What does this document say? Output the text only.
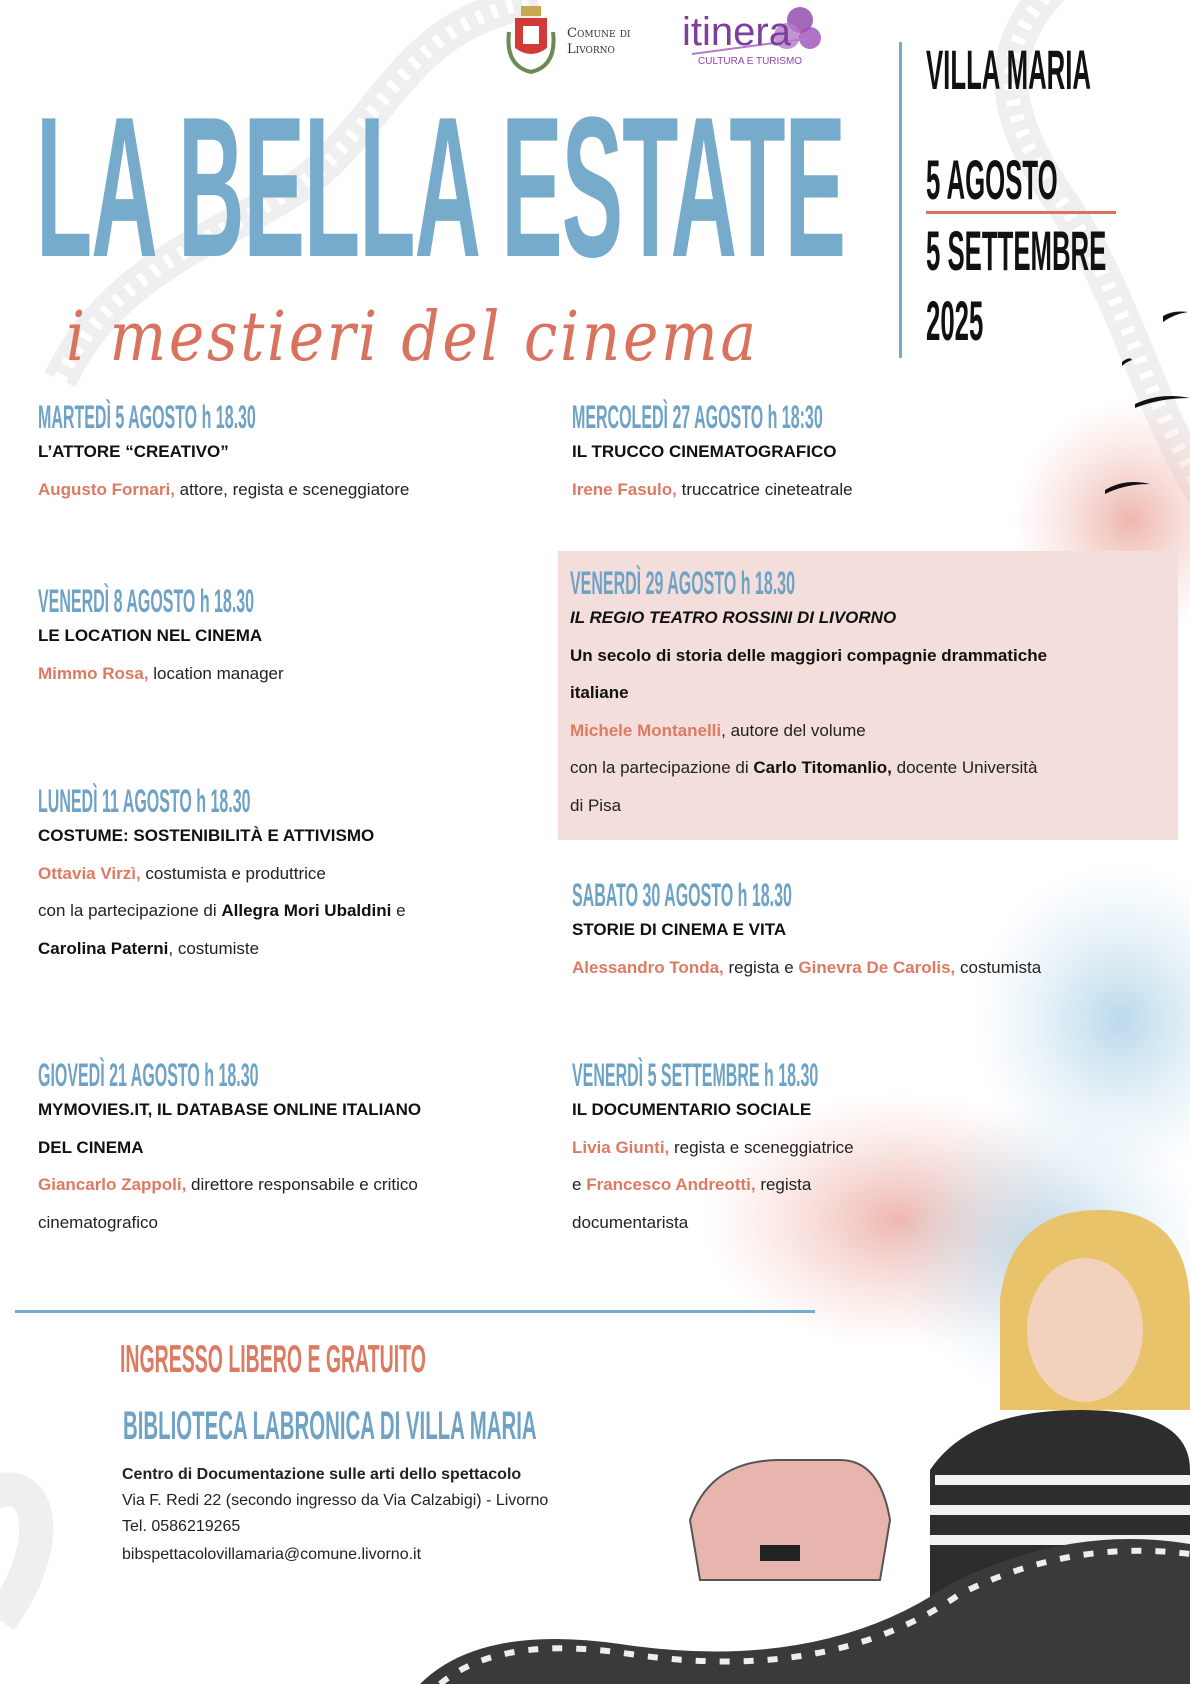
Comune di Livorno	itinera
CULTURA E TURISMO
LA BELLA ESTATE
i mestieri del cinema
VILLA MARIA
5 AGOSTO
5 SETTEMBRE
2025
MARTEDÌ 5 AGOSTO h 18.30
L’ATTORE “CREATIVO”
Augusto Fornari, attore, regista e sceneggiatore
VENERDÌ 8 AGOSTO h 18.30
LE LOCATION NEL CINEMA
Mimmo Rosa, location manager
LUNEDÌ 11 AGOSTO h 18.30
COSTUME: SOSTENIBILITÀ E ATTIVISMO
Ottavia Virzì, costumista e produttrice
con la partecipazione di Allegra Mori Ubaldini e
Carolina Paterni, costumiste
GIOVEDÌ 21 AGOSTO h 18.30
MYMOVIES.IT, IL DATABASE ONLINE ITALIANO
DEL CINEMA
Giancarlo Zappoli, direttore responsabile e critico
cinematografico
MERCOLEDÌ 27 AGOSTO h 18:30
IL TRUCCO CINEMATOGRAFICO
Irene Fasulo, truccatrice cineteatrale
VENERDÌ 29 AGOSTO h 18.30
IL REGIO TEATRO ROSSINI DI LIVORNO
Un secolo di storia delle maggiori compagnie drammatiche
italiane
Michele Montanelli, autore del volume
con la partecipazione di Carlo Titomanlio, docente Università
di Pisa
SABATO 30 AGOSTO h 18.30
STORIE DI CINEMA E VITA
Alessandro Tonda, regista e Ginevra De Carolis, costumista
VENERDÌ 5 SETTEMBRE h 18.30
IL DOCUMENTARIO SOCIALE
Livia Giunti, regista e sceneggiatrice
e Francesco Andreotti, regista
documentarista
INGRESSO LIBERO E GRATUITO
BIBLIOTECA LABRONICA DI VILLA MARIA
Centro di Documentazione sulle arti dello spettacolo
Via F. Redi 22 (secondo ingresso da Via Calzabigi) - Livorno
Tel. 0586219265
bibspettacolovillamaria@comune.livorno.it
